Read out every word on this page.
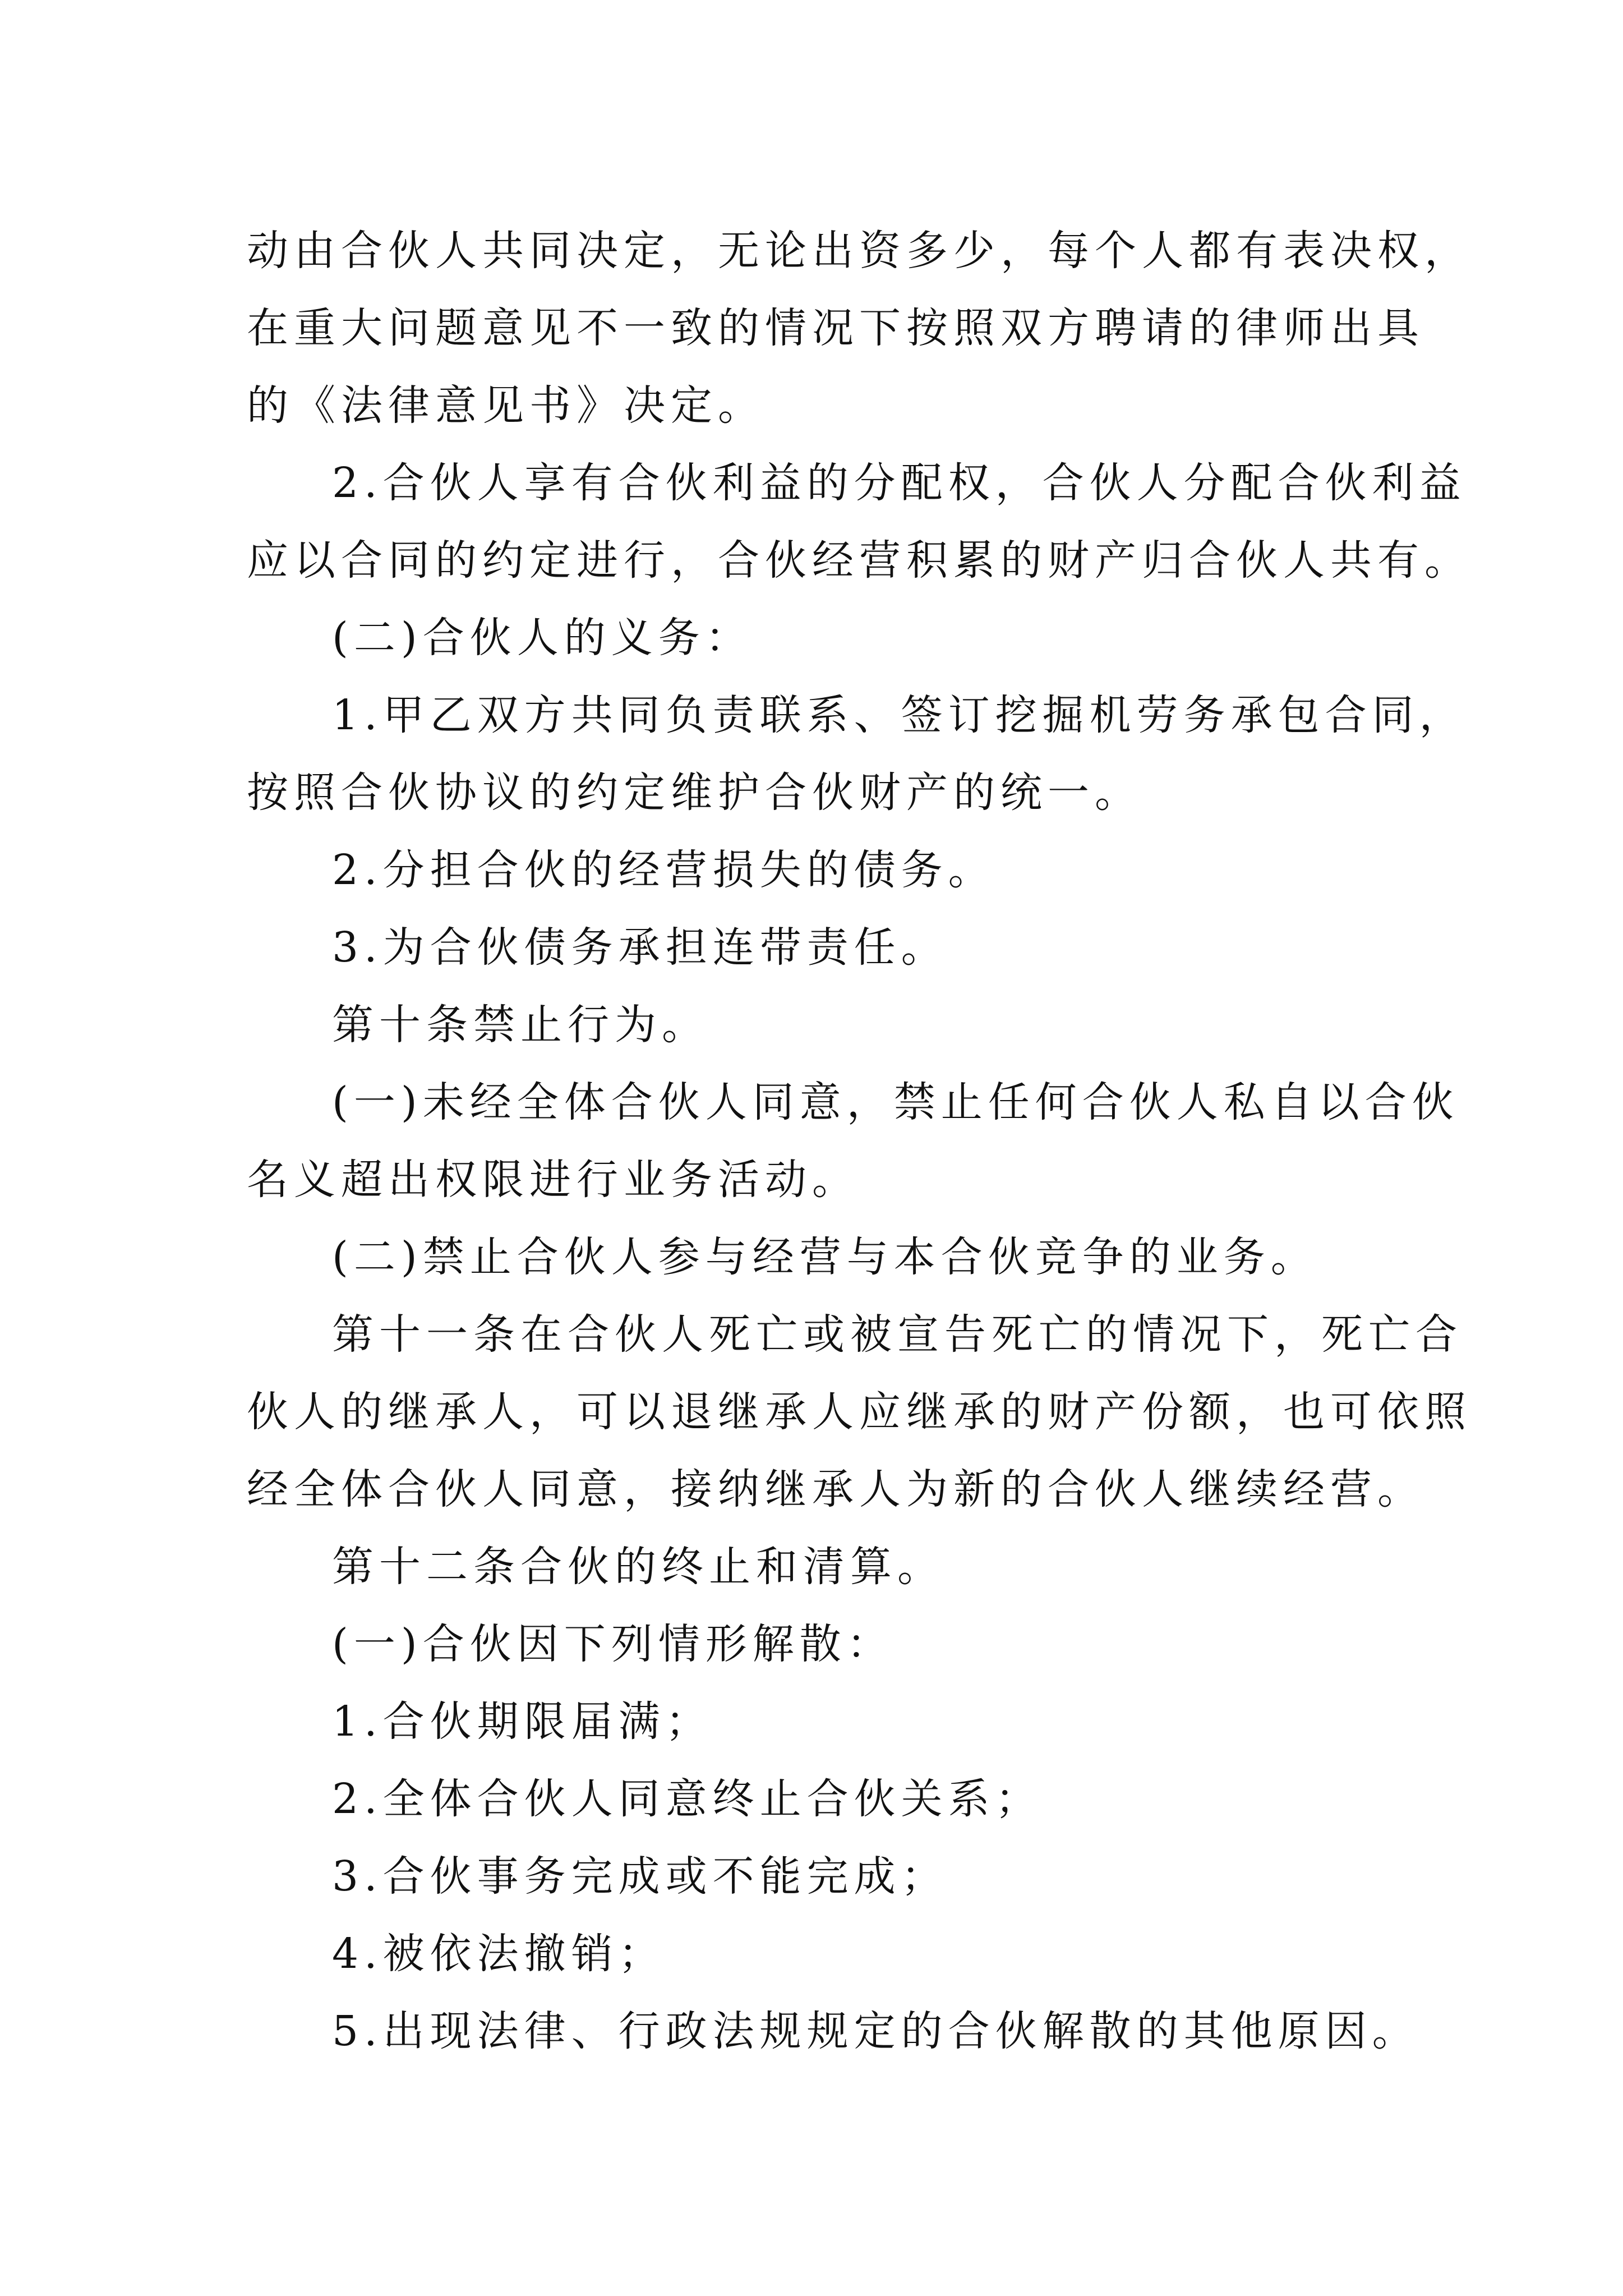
动由合伙人共同决定，无论出资多少，每个人都有表决权，
在重大问题意见不一致的情况下按照双方聘请的律师出具
的《法律意见书》决定。
2.合伙人享有合伙利益的分配权，合伙人分配合伙利益
应以合同的约定进行，合伙经营积累的财产归合伙人共有。
(二)合伙人的义务：
1.甲乙双方共同负责联系、签订挖掘机劳务承包合同，
按照合伙协议的约定维护合伙财产的统一。
2.分担合伙的经营损失的债务。
3.为合伙债务承担连带责任。
第十条禁止行为。
(一)未经全体合伙人同意，禁止任何合伙人私自以合伙
名义超出权限进行业务活动。
(二)禁止合伙人参与经营与本合伙竞争的业务。
第十一条在合伙人死亡或被宣告死亡的情况下，死亡合
伙人的继承人，可以退继承人应继承的财产份额，也可依照
经全体合伙人同意，接纳继承人为新的合伙人继续经营。
第十二条合伙的终止和清算。
(一)合伙因下列情形解散：
1.合伙期限届满；
2.全体合伙人同意终止合伙关系；
3.合伙事务完成或不能完成；
4.被依法撤销；
5.出现法律、行政法规规定的合伙解散的其他原因。
